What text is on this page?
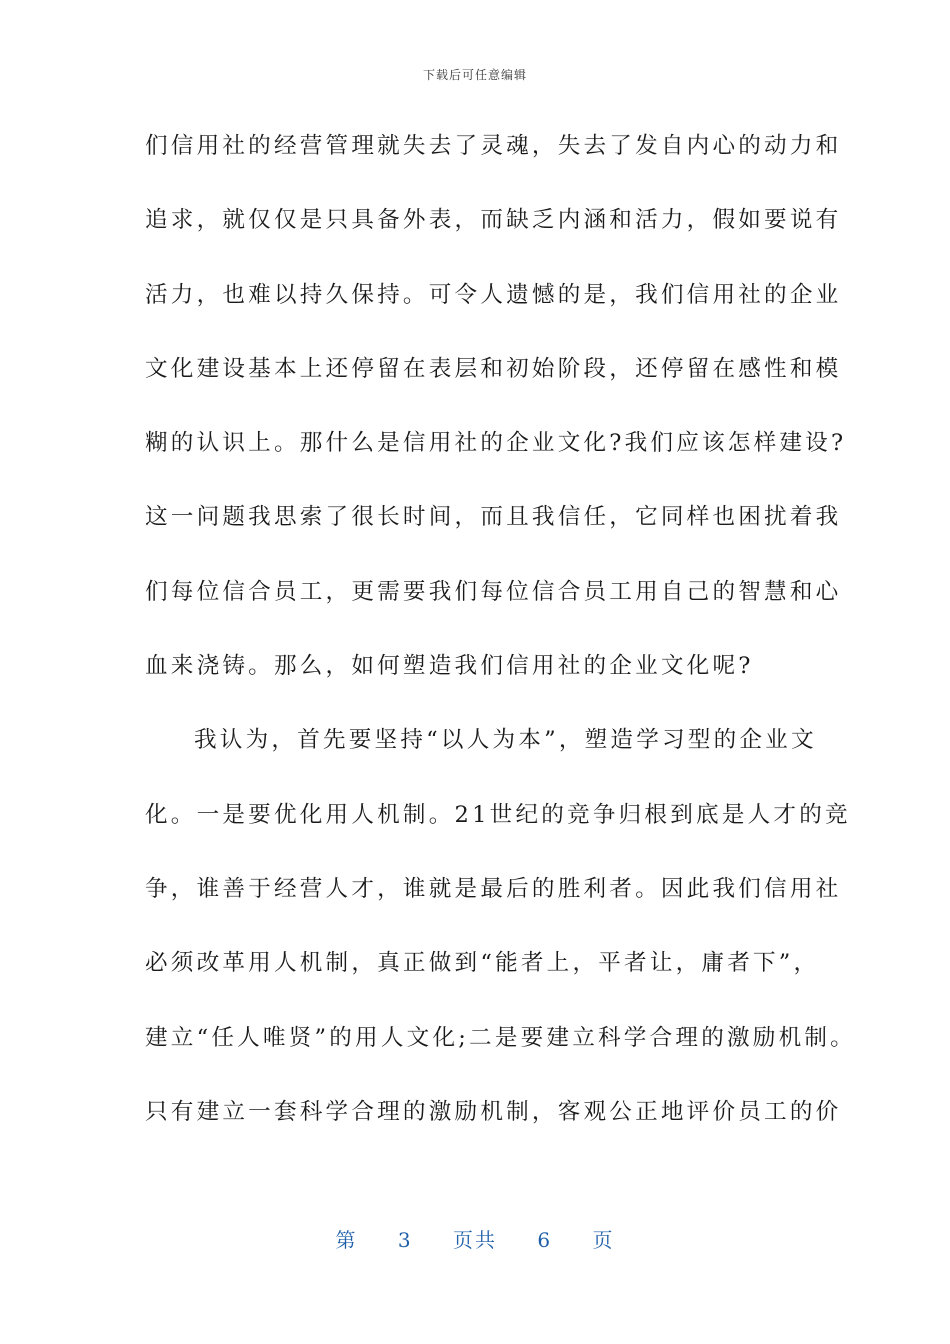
下载后可任意编辑
们信用社的经营管理就失去了灵魂，失去了发自内心的动力和
追求，就仅仅是只具备外表，而缺乏内涵和活力，假如要说有
活力，也难以持久保持。可令人遗憾的是，我们信用社的企业
文化建设基本上还停留在表层和初始阶段，还停留在感性和模
糊的认识上。那什么是信用社的企业文化?我们应该怎样建设?
这一问题我思索了很长时间，而且我信任，它同样也困扰着我
们每位信合员工，更需要我们每位信合员工用自己的智慧和心
血来浇铸。那么，如何塑造我们信用社的企业文化呢?
我认为，首先要坚持“以人为本”，塑造学习型的企业文
化。一是要优化用人机制。21世纪的竞争归根到底是人才的竞
争，谁善于经营人才，谁就是最后的胜利者。因此我们信用社
必须改革用人机制，真正做到“能者上，平者让，庸者下”，
建立“任人唯贤”的用人文化;二是要建立科学合理的激励机制。
只有建立一套科学合理的激励机制，客观公正地评价员工的价
第 3 页共 6 页
